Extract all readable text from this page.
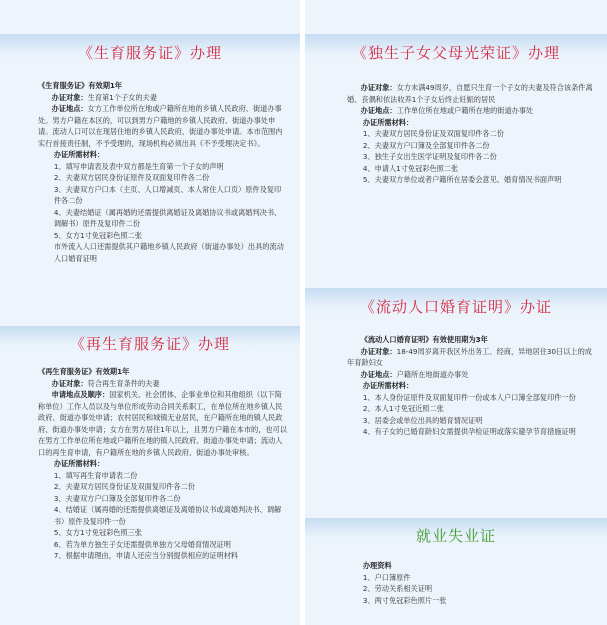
《生育服务证》办理

《生育服务证》有效期1年

办证对象：生育第1个子女的夫妻

办证地点：女方工作单位所在地或户籍所在地的乡镇人民政府、街道办事处。男方户籍在本区的，可以到男方户籍地的乡镇人民政府、街道办事处申请。流动人口可以在现居住地的乡镇人民政府、街道办事处申请。本市范围内实行首接责任制，不予受理的，现场机构必须出具《不予受理决定书》。

办证所需材料：

1、填写申请表及表中双方都是生育第一个子女的声明

2、夫妻双方居民身份证原件及双面复印件各二份

3、夫妻双方户口本（主页、人口增减页、本人常住人口页）原件及复印件各二份

4、夫妻结婚证（属再婚的还需提供离婚证及离婚协议书或离婚判决书、调解书）原件及复印件二份

5、女方1寸免冠彩色照二张

市外流入人口还需提供其户籍地乡镇人民政府（街道办事处）出具的流动人口婚育证明

《再生育服务证》办理

《再生育服务证》有效期1年

办证对象：符合再生育条件的夫妻

申请地点及顺序：国家机关、社会团体、企事业单位和其他组织（以下简称单位）工作人员以及与单位形成劳动合同关系职工，在单位所在地乡镇人民政府、街道办事处申请；农村居民和城镇无业居民，在户籍所在地的镇人民政府、街道办事处申请；女方在男方居住1年以上，且男方户籍在本市的，也可以在男方工作单位所在地或户籍所在地的镇人民政府、街道办事处申请；流动人口的再生育申请，有户籍所在地的乡镇人民政府、街道办事处审核。

办证所需材料：

1、填写再生育申请表二份

2、夫妻双方居民身份证及双面复印件各二份

3、夫妻双方户口簿及全部复印件各二份

4、结婚证（属再婚的还需提供离婚证及离婚协议书或离婚判决书、调解书）原件及复印件一份

5、女方1寸免冠彩色照三张

6、若为单方独生子女还需提供单独方父母婚育情况证明

7、根据申请理由，申请人还应当分别提供相应的证明材料

《独生子女父母光荣证》办理

办证对象：女方未满49周岁，自愿只生育一个子女的夫妻及符合该条件离婚、丧偶和依法收养1个子女后终止妊娠的居民

办证地点：工作单位所在地或户籍所在地的街道办事处

办证所需材料：

1、夫妻双方居民身份证及双面复印件各二份

2、夫妻双方户口簿及全部复印件各二份

3、独生子女出生医学证明及复印件各二份

4、申请人1寸免冠彩色照二张

5、夫妻双方单位或者户籍所在居委会意见、婚育情况书面声明

《流动人口婚育证明》办证

《流动人口婚育证明》有效使用期为3年

办证对象：18-49周岁离开我区外出务工、经商，异地居住30日以上的成年育龄妇女

办证地点：户籍所在地街道办事处

办证所需材料：

1、本人身份证原件及双面复印件一份或本人户口簿全部复印件一份

2、本人1寸免冠近照二张

3、居委会或单位出具的婚育情况证明

4、有子女的已婚育龄妇女需提供孕检证明或落实避孕节育措施证明

就业失业证

办理资料

1、户口簿原件

2、劳动关系相关证明

3、两寸免冠彩色照片一张
